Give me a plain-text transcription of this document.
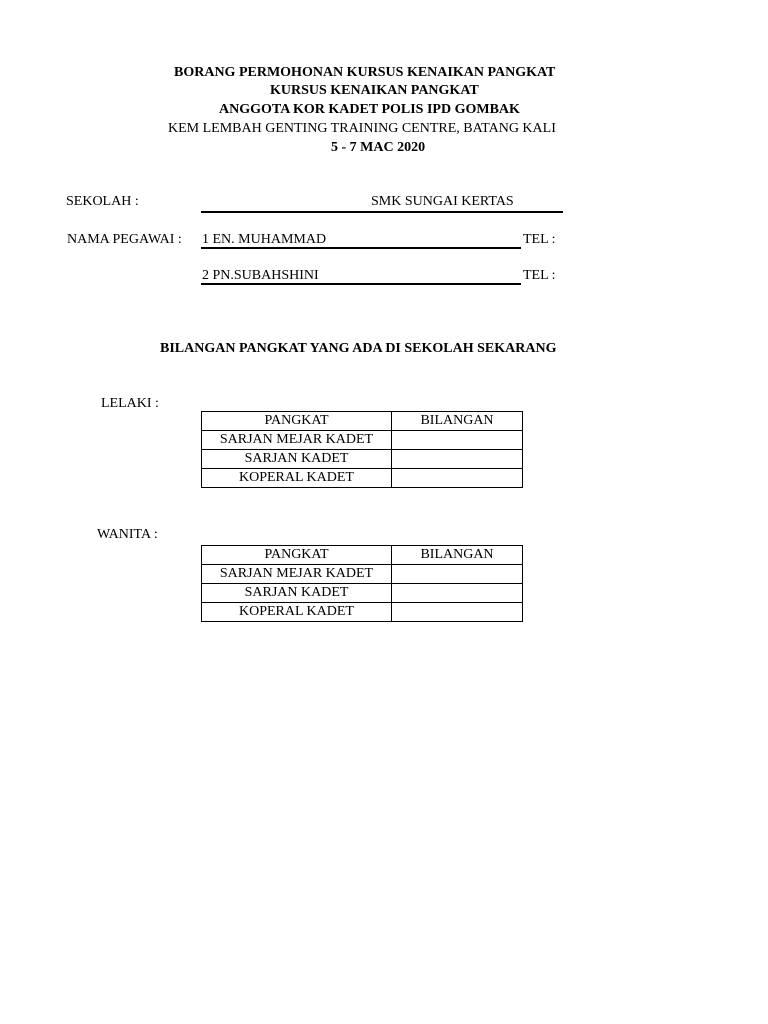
BORANG PERMOHONAN KURSUS KENAIKAN PANGKAT
KURSUS KENAIKAN PANGKAT
ANGGOTA KOR KADET POLIS IPD GOMBAK
KEM LEMBAH GENTING TRAINING CENTRE, BATANG KALI
5 - 7 MAC 2020
SEKOLAH :	SMK SUNGAI KERTAS
NAMA PEGAWAI : 1 EN. MUHAMMAD	TEL :
2 PN.SUBAHSHINI	TEL :
BILANGAN PANGKAT YANG ADA DI SEKOLAH SEKARANG
LELAKI :
PANGKAT	BILANGAN
SARJAN MEJAR KADET	
SARJAN KADET	
KOPERAL KADET	
WANITA :
PANGKAT	BILANGAN
SARJAN MEJAR KADET	
SARJAN KADET	
KOPERAL KADET	
